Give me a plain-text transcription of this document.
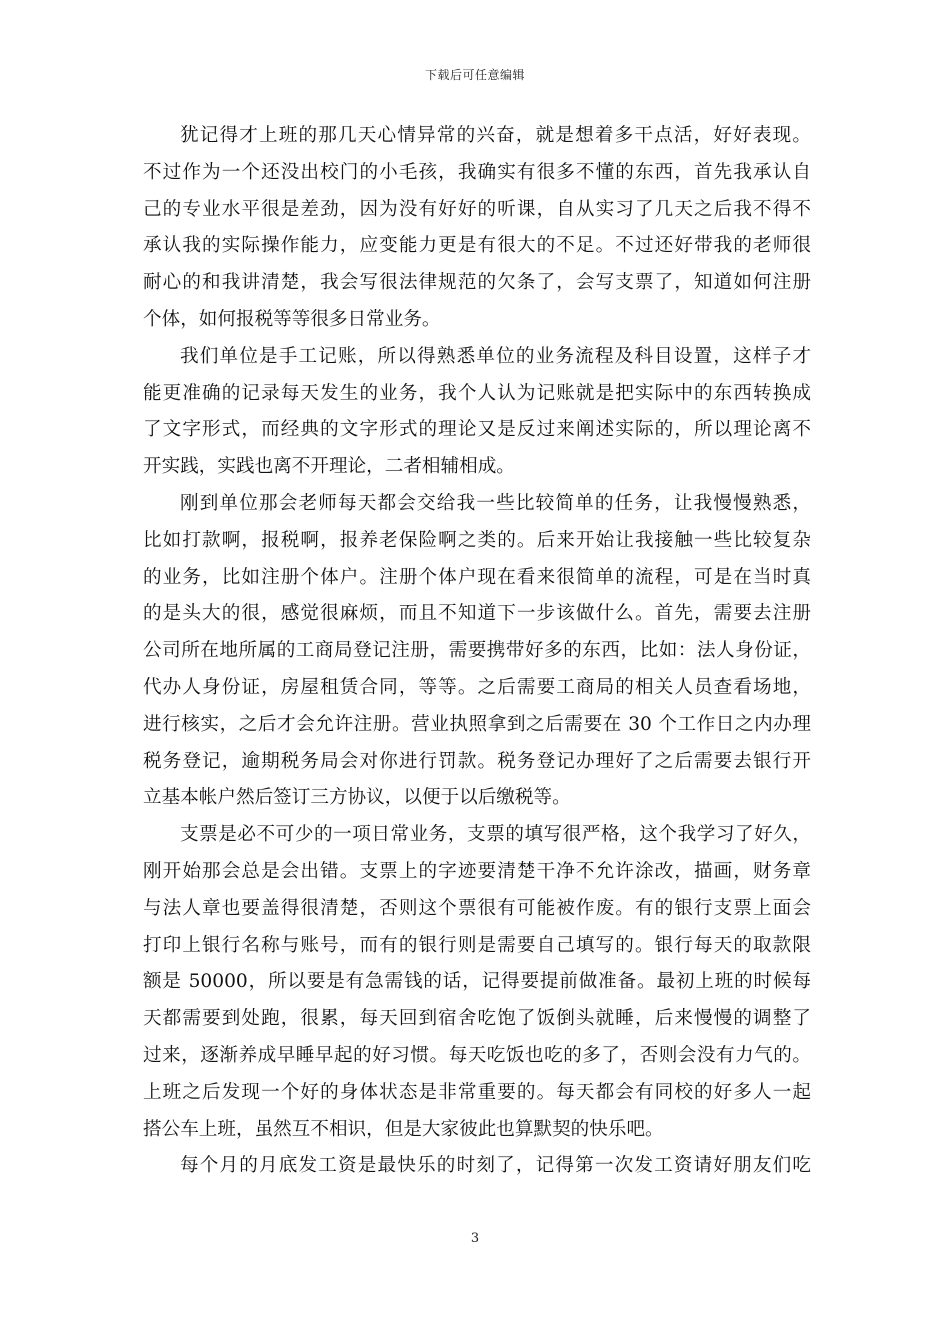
下载后可任意编辑
犹记得才上班的那几天心情异常的兴奋，就是想着多干点活，好好表现。
不过作为一个还没出校门的小毛孩，我确实有很多不懂的东西，首先我承认自
己的专业水平很是差劲，因为没有好好的听课，自从实习了几天之后我不得不
承认我的实际操作能力，应变能力更是有很大的不足。不过还好带我的老师很
耐心的和我讲清楚，我会写很法律规范的欠条了，会写支票了，知道如何注册
个体，如何报税等等很多日常业务。
我们单位是手工记账，所以得熟悉单位的业务流程及科目设置，这样子才
能更准确的记录每天发生的业务，我个人认为记账就是把实际中的东西转换成
了文字形式，而经典的文字形式的理论又是反过来阐述实际的，所以理论离不
开实践，实践也离不开理论，二者相辅相成。
刚到单位那会老师每天都会交给我一些比较简单的任务，让我慢慢熟悉，
比如打款啊，报税啊，报养老保险啊之类的。后来开始让我接触一些比较复杂
的业务，比如注册个体户。注册个体户现在看来很简单的流程，可是在当时真
的是头大的很，感觉很麻烦，而且不知道下一步该做什么。首先，需要去注册
公司所在地所属的工商局登记注册，需要携带好多的东西，比如：法人身份证，
代办人身份证，房屋租赁合同，等等。之后需要工商局的相关人员查看场地，
进行核实，之后才会允许注册。营业执照拿到之后需要在 30 个工作日之内办理
税务登记，逾期税务局会对你进行罚款。税务登记办理好了之后需要去银行开
立基本帐户然后签订三方协议，以便于以后缴税等。
支票是必不可少的一项日常业务，支票的填写很严格，这个我学习了好久，
刚开始那会总是会出错。支票上的字迹要清楚干净不允许涂改，描画，财务章
与法人章也要盖得很清楚，否则这个票很有可能被作废。有的银行支票上面会
打印上银行名称与账号，而有的银行则是需要自己填写的。银行每天的取款限
额是 50000，所以要是有急需钱的话，记得要提前做准备。最初上班的时候每
天都需要到处跑，很累，每天回到宿舍吃饱了饭倒头就睡，后来慢慢的调整了
过来，逐渐养成早睡早起的好习惯。每天吃饭也吃的多了，否则会没有力气的。
上班之后发现一个好的身体状态是非常重要的。每天都会有同校的好多人一起
搭公车上班，虽然互不相识，但是大家彼此也算默契的快乐吧。
每个月的月底发工资是最快乐的时刻了，记得第一次发工资请好朋友们吃
3
